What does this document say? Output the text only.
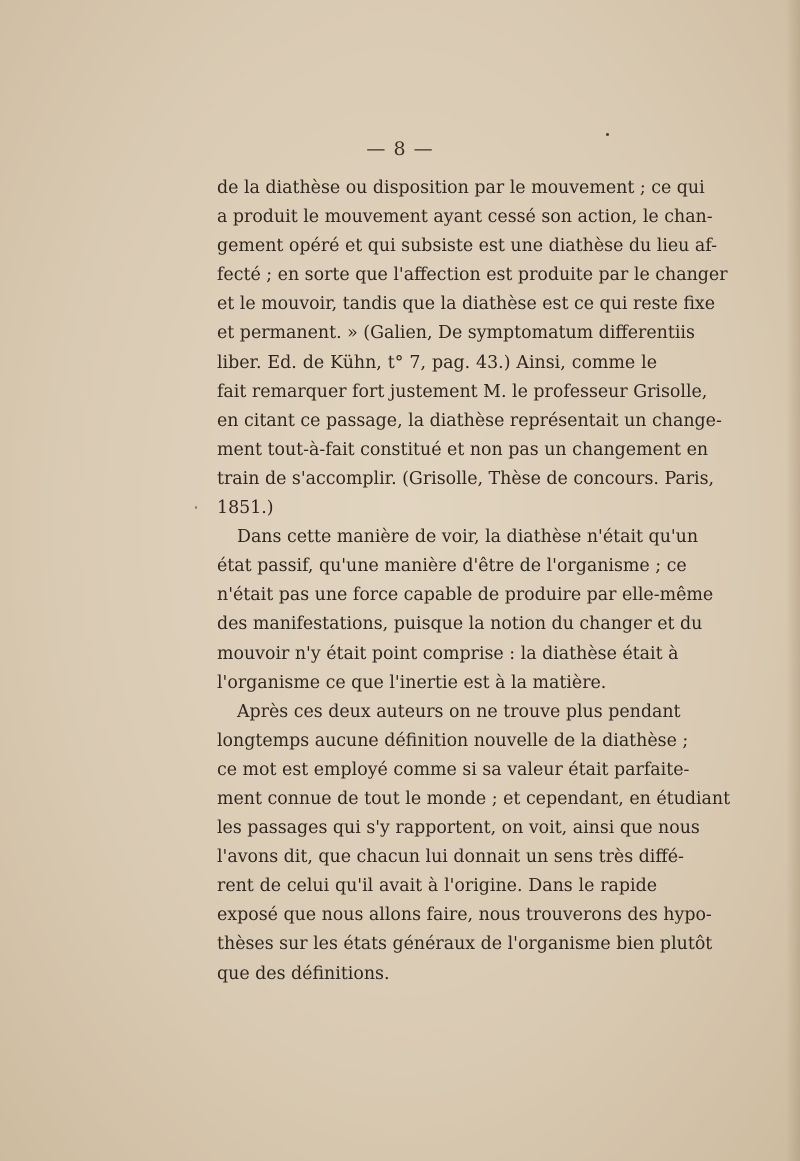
— 8 —
de la diathèse ou disposition par le mouvement ; ce qui
a produit le mouvement ayant cessé son action, le chan-
gement opéré et qui subsiste est une diathèse du lieu af-
fecté ; en sorte que l'affection est produite par le changer
et le mouvoir, tandis que la diathèse est ce qui reste fixe
et permanent. » (Galien, De symptomatum differentiis
liber. Ed. de Kühn, t° 7, pag. 43.) Ainsi, comme le
fait remarquer fort justement M. le professeur Grisolle,
en citant ce passage, la diathèse représentait un change-
ment tout-à-fait constitué et non pas un changement en
train de s'accomplir. (Grisolle, Thèse de concours. Paris,
1851.)
Dans cette manière de voir, la diathèse n'était qu'un
état passif, qu'une manière d'être de l'organisme ; ce
n'était pas une force capable de produire par elle-même
des manifestations, puisque la notion du changer et du
mouvoir n'y était point comprise : la diathèse était à
l'organisme ce que l'inertie est à la matière.
Après ces deux auteurs on ne trouve plus pendant
longtemps aucune définition nouvelle de la diathèse ;
ce mot est employé comme si sa valeur était parfaite-
ment connue de tout le monde ; et cependant, en étudiant
les passages qui s'y rapportent, on voit, ainsi que nous
l'avons dit, que chacun lui donnait un sens très diffé-
rent de celui qu'il avait à l'origine. Dans le rapide
exposé que nous allons faire, nous trouverons des hypo-
thèses sur les états généraux de l'organisme bien plutôt
que des définitions.
